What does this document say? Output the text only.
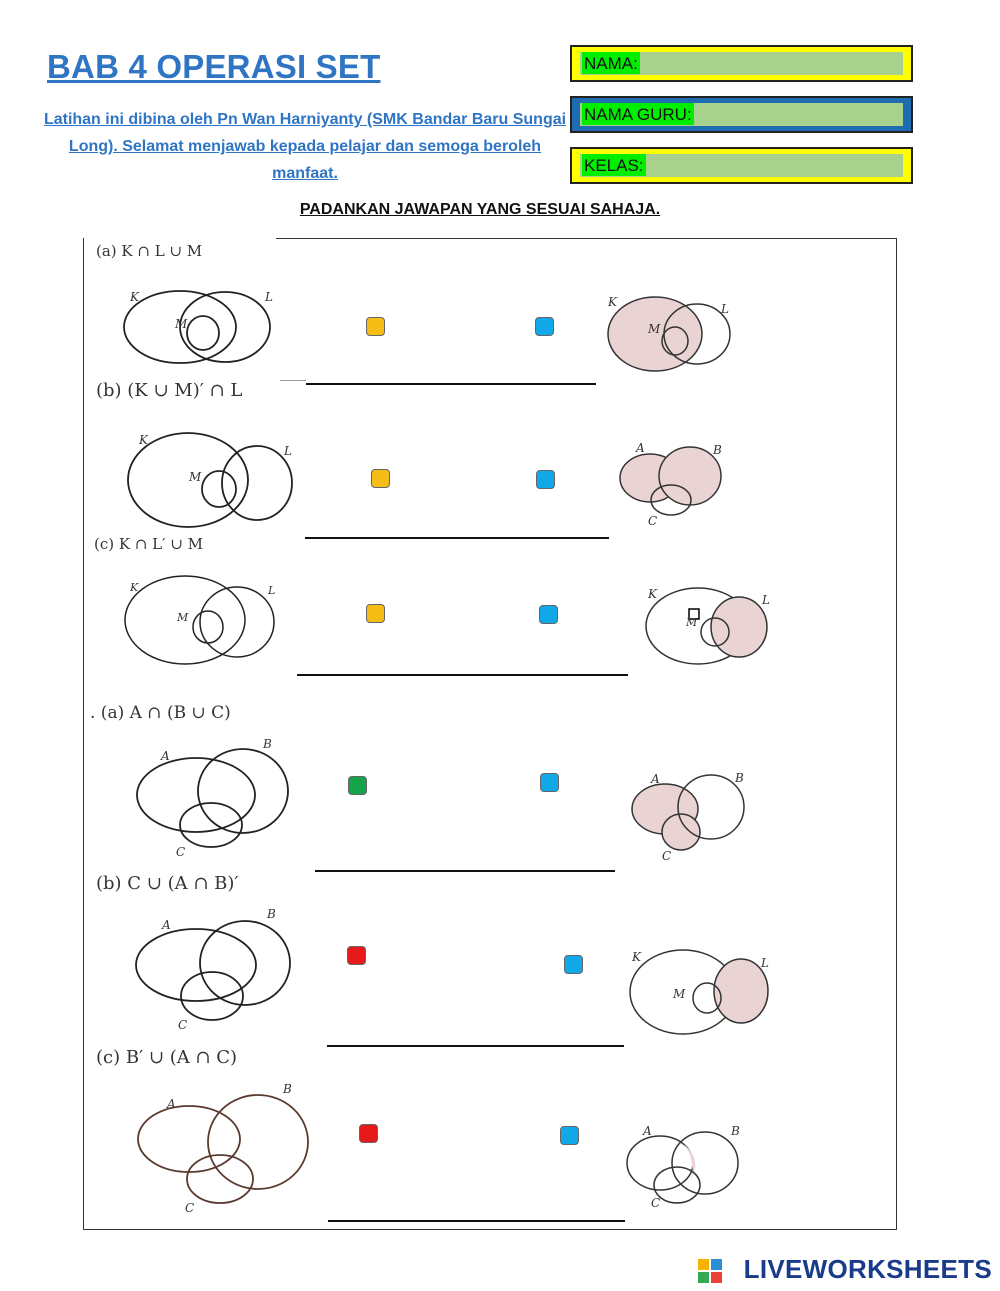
BAB 4 OPERASI SET
Latihan ini dibina oleh Pn Wan Harniyanty (SMK Bandar Baru Sungai Long). Selamat menjawab kepada pelajar dan semoga beroleh manfaat.
NAMA:
NAMA GURU:
KELAS:
PADANKAN JAWAPAN YANG SESUAI SAHAJA.
(a) K ∩ L ∪ M
(b) (K ∪ M)′ ∩ L
(c) K ∩ L′ ∪ M
. (a) A ∩ (B ∪ C)
(b) C ∪ (A ∩ B)′
(c) B′ ∪ (A ∩ C)
K	L
M
K	L
M
K
L
M
A	B
C
K	L
M
K	L
M
A
B
C
A	B
C
A
B
C
K	L
M
A
B
C
A	B
C
LIVEWORKSHEETS
